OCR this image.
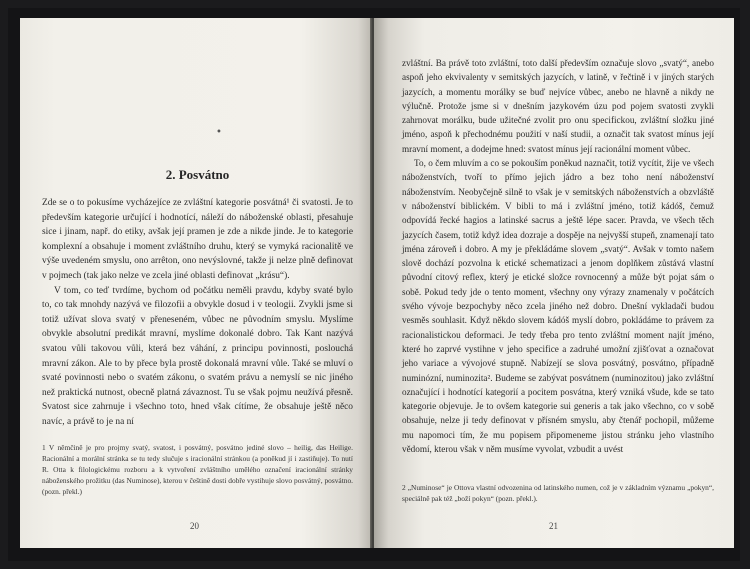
•
2. Posvátno

Zde se o to pokusíme vycházejíce ze zvláštní kategorie posvátná¹ či svatosti. Je to především kategorie určující i hodnotící, náleží do náboženské oblasti, přesahuje sice i jinam, např. do etiky, avšak její pramen je zde a nikde jinde. Je to kategorie komplexní a obsahuje i moment zvláštního druhu, který se vymyká racionalitě ve výše uvedeném smyslu, ono arrêton, ono nevýslovné, takže ji nelze plně definovat v pojmech (tak jako nelze ve zcela jiné oblasti definovat „krásu“).

V tom, co teď tvrdíme, bychom od počátku neměli pravdu, kdyby svaté bylo to, co tak mnohdy nazývá ve filozofii a obvykle dosud i v teologii. Zvykli jsme si totiž užívat slova svatý v přeneseném, vůbec ne původním smyslu. Myslíme obvykle absolutní predikát mravní, myslíme dokonalé dobro. Tak Kant nazývá svatou vůli takovou vůli, která bez váhání, z principu povinnosti, poslouchá mravní zákon. Ale to by přece byla prostě dokonalá mravní vůle. Také se mluví o svaté povinnosti nebo o svatém zákonu, o svatém právu a nemyslí se nic jiného než praktická nutnost, obecně platná závaznost. Tu se však pojmu neužívá přesně. Svatost sice zahrnuje i všechno toto, hned však cítíme, že obsahuje ještě něco navíc, a právě to je na ní

1 V němčině je pro projmy svatý, svatost, i posvátný, posvátno jediné slovo – heilig, das Heilige. Racionální a morální stránka se tu tedy slučuje s iracionální stránkou (a poněkud jí i zastiňuje). To nutí R. Otta k filologickému rozboru a k vytvoření zvláštního umělého označení iracionální stránky náboženského prožitku (das Numinose), kterou v češtině dosti dobře vystihuje slovo posvátný, posvátno. (pozn. překl.)
20

zvláštní. Ba právě toto zvláštní, toto další především označuje slovo „svatý“, anebo aspoň jeho ekvivalenty v semitských jazycích, v latině, v řečtině i v jiných starých jazycích, a momentu morálky se buď nejvíce vůbec, anebo ne hlavně a nikdy ne výlučně. Protože jsme si v dnešním jazykovém úzu pod pojem svatosti zvykli zahrnovat morálku, bude užitečné zvolit pro onu specifickou, zvláštní složku jiné jméno, aspoň k přechodnému použití v naší studii, a označit tak svatost mínus její mravní moment, a dodejme hned: svatost mínus její racionální moment vůbec.

To, o čem mluvím a co se pokouším poněkud naznačit, totiž vycítit, žije ve všech náboženstvích, tvoří to přímo jejich jádro a bez toho není náboženství náboženstvím. Neobyčejně silně to však je v semitských náboženstvích a obzvláště v náboženství biblickém. V bibli to má i zvláštní jméno, totiž kádóš, čemuž odpovídá řecké hagios a latinské sacrus a ještě lépe sacer. Pravda, ve všech těch jazycích časem, totiž když idea dozraje a dospěje na nejvyšší stupeň, znamenají tato jména zároveň i dobro. A my je překládáme slovem „svatý“. Avšak v tomto našem slově dochází pozvolna k etické schematizaci a jenom doplňkem zůstává vlastní původní citový reflex, který je etické složce rovnocenný a může být pojat sám o sobě. Pokud tedy jde o tento moment, všechny ony výrazy znamenaly v počátcích svého vývoje bezpochyby něco zcela jiného než dobro. Dnešní vykladači budou vesměs souhlasit. Když někdo slovem kádóš myslí dobro, pokládáme to právem za racionalistickou deformaci. Je tedy třeba pro tento zvláštní moment najít jméno, které ho zaprvé vystihne v jeho specifice a zadruhé umožní zjišťovat a označovat jeho variace a vývojové stupně. Nabízejí se slova posvátný, posvátno, případně numinózní, numinozita². Budeme se zabývat posvátnem (numinozitou) jako zvláštní označující i hodnotící kategorií a pocitem posvátna, který vzniká všude, kde se tato kategorie objevuje. Je to ovšem kategorie sui generis a tak jako všechno, co v sobě obsahuje, nelze ji tedy definovat v přísném smyslu, aby čtenář pochopil, můžeme mu napomoci tím, že mu popisem připomeneme jistou stránku jeho vlastního vědomí, kterou však v něm musíme vyvolat, vzbudit a uvést

2 „Numinose“ je Ottova vlastní odvozenina od latinského numen, což je v základním významu „pokyn“, speciálně pak též „boží pokyn“ (pozn. překl.).
21
